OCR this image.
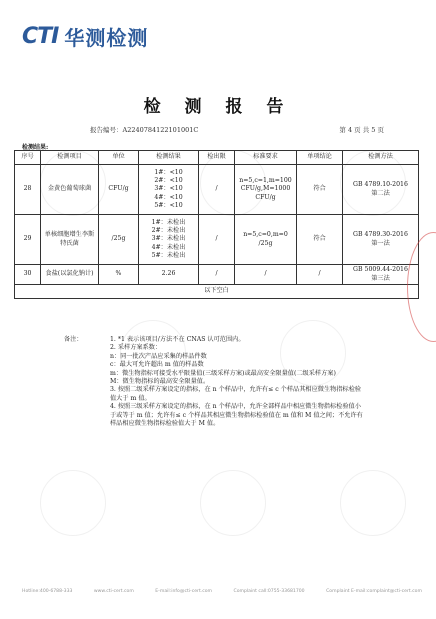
CTI 华测检测
检 测 报 告
报告编号：A2240784122101001C	第 4 页 共 5 页
检测结果:
序号	检测项目	单位	检测结果	检出限	标准要求	单项结论	检测方法
28	金黄色葡萄球菌	CFU/g	1#：<10
2#：<10
3#：<10
4#：<10
5#：<10	/	n=5,c=1,m=100
CFU/g,M=1000
CFU/g	符合	GB 4789.10-2016
第二法
29	单核细胞增生李斯特氏菌	/25g	1#：未检出
2#：未检出
3#：未检出
4#：未检出
5#：未检出	/	n=5,c=0,m=0
/25g	符合	GB 4789.30-2016
第一法
30	食盐(以氯化钠计)	%	2.26	/	/	/	GB 5009.44-2016
第三法
以下空白							
备注：	1. *1 表示该项目/方法不在 CNAS 认可范围内。
2. 采样方案系数：
n：同一批次产品应采集的样品件数
c：最大可允许超出 m 值的样品数
m：微生物指标可接受水平限量值(三级采样方案)或最高安全限量值(二级采样方案)
M：微生物指标的最高安全限量值。
3. 按照二级采样方案设定的指标，在 n 个样品中，允许有≤ c 个样品其相应微生物指标检验值大于 m 值。
4. 按照三级采样方案设定的指标，在 n 个样品中，允许全部样品中相应微生物指标检验值小于或等于 m 值；允许有≤ c 个样品其相应微生物指标检验值在 m 值和 M 值之间；不允许有样品相应微生物指标检验值大于 M 值。
Hotline:400-6788-333	www.cti-cert.com	E-mail:info@cti-cert.com	Complaint call:0755-33681700	Complaint E-mail:complaint@cti-cert.com
